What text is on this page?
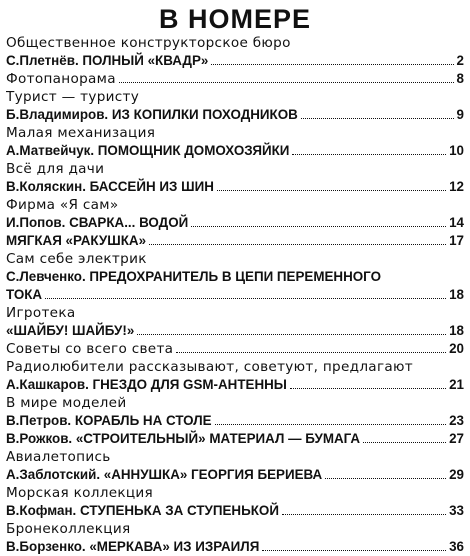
В НОМЕРЕ
Общественное конструкторское бюро
С.Плетнёв. ПОЛНЫЙ «КВАДР»	2
Фотопанорама	8
Турист — туристу
Б.Владимиров. ИЗ КОПИЛКИ ПОХОДНИКОВ	9
Малая механизация
А.Матвейчук. ПОМОЩНИК ДОМОХОЗЯЙКИ	10
Всё для дачи
В.Коляскин. БАССЕЙН ИЗ ШИН	12
Фирма «Я сам»
И.Попов. СВАРКА... ВОДОЙ	14
МЯГКАЯ «РАКУШКА»	17
Сам себе электрик
С.Левченко. ПРЕДОХРАНИТЕЛЬ В ЦЕПИ ПЕРЕМЕННОГО
ТОКА	18
Игротека
«ШАЙБУ! ШАЙБУ!»	18
Советы со всего света	20
Радиолюбители рассказывают, советуют, предлагают
А.Кашкаров. ГНЕЗДО ДЛЯ GSM-АНТЕННЫ	21
В мире моделей
В.Петров. КОРАБЛЬ НА СТОЛЕ	23
В.Рожков. «СТРОИТЕЛЬНЫЙ» МАТЕРИАЛ — БУМАГА	27
Авиалетопись
А.Заблотский. «АННУШКА» ГЕОРГИЯ БЕРИЕВА	29
Морская коллекция
В.Кофман. СТУПЕНЬКА ЗА СТУПЕНЬКОЙ	33
Бронеколлекция
В.Борзенко. «МЕРКАВА» ИЗ ИЗРАИЛЯ	36
